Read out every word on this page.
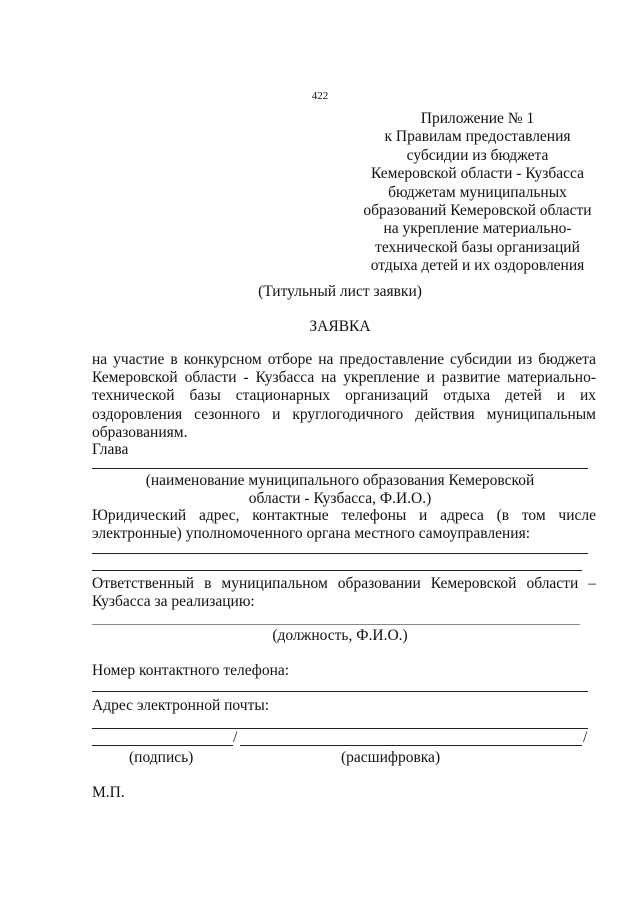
422
Приложение № 1
к Правилам предоставления
субсидии из бюджета
Кемеровской области - Кузбасса
бюджетам муниципальных
образований Кемеровской области
на укрепление материально-
технической базы организаций
отдыха детей и их оздоровления
(Титульный лист заявки)
ЗАЯВКА
на участие в конкурсном отборе на предоставление субсидии из бюджета Кемеровской области - Кузбасса на укрепление и развитие материально-технической базы стационарных организаций отдыха детей и их оздоровления сезонного и круглогодичного действия муниципальным образованиям.
Глава
(наименование муниципального образования Кемеровской
области - Кузбасса, Ф.И.О.)
Юридический адрес, контактные телефоны и адреса (в том числе электронные) уполномоченного органа местного самоуправления:
Ответственный в муниципальном образовании Кемеровской области – Кузбасса за реализацию:
(должность, Ф.И.О.)
Номер контактного телефона:
Адрес электронной почты:
/	/
(подпись)	(расшифровка)
М.П.
